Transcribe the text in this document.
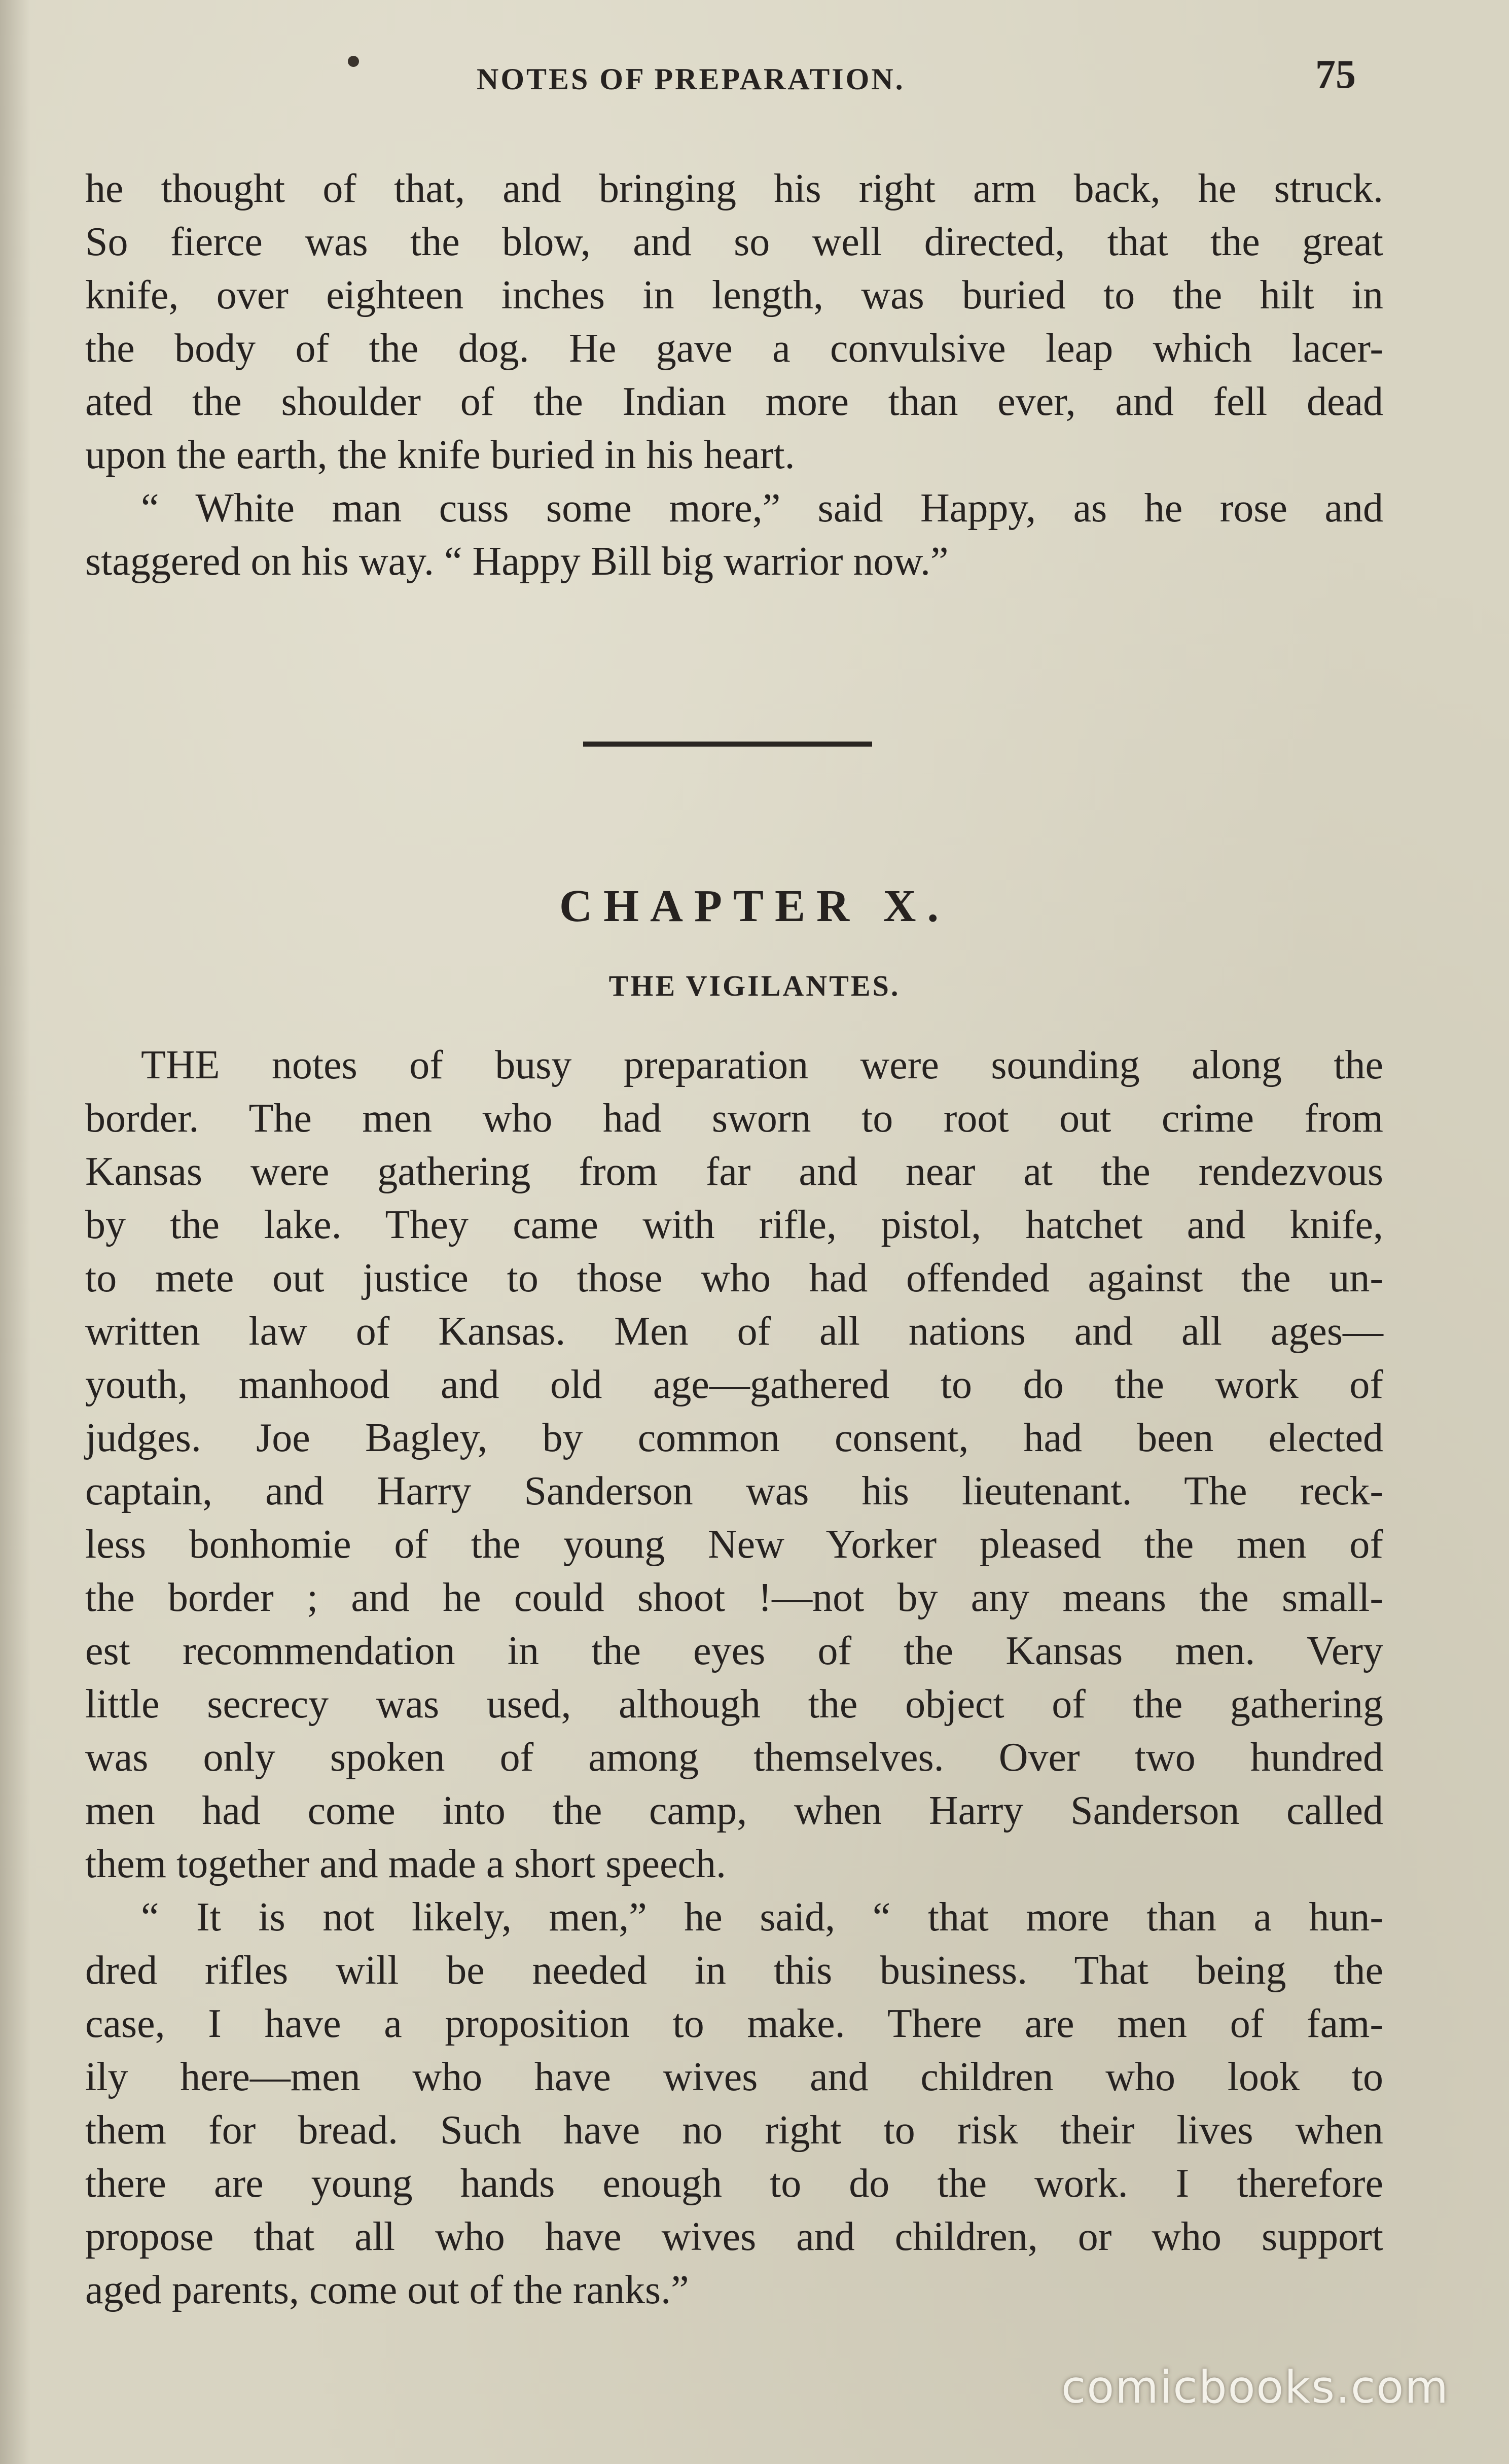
NOTES OF PREPARATION.	75
he thought of that, and bringing his right arm back, he struck.
So fierce was the blow, and so well directed, that the great
knife, over eighteen inches in length, was buried to the hilt in
the body of the dog. He gave a convulsive leap which lacer-
ated the shoulder of the Indian more than ever, and fell dead
upon the earth, the knife buried in his heart.
“ White man cuss some more,” said Happy, as he rose and
staggered on his way. “ Happy Bill big warrior now.”
CHAPTER X.
THE VIGILANTES.
THE notes of busy preparation were sounding along the
border. The men who had sworn to root out crime from
Kansas were gathering from far and near at the rendezvous
by the lake. They came with rifle, pistol, hatchet and knife,
to mete out justice to those who had offended against the un-
written law of Kansas. Men of all nations and all ages—
youth, manhood and old age—gathered to do the work of
judges. Joe Bagley, by common consent, had been elected
captain, and Harry Sanderson was his lieutenant. The reck-
less bonhomie of the young New Yorker pleased the men of
the border ; and he could shoot !—not by any means the small-
est recommendation in the eyes of the Kansas men. Very
little secrecy was used, although the object of the gathering
was only spoken of among themselves. Over two hundred
men had come into the camp, when Harry Sanderson called
them together and made a short speech.
“ It is not likely, men,” he said, “ that more than a hun-
dred rifles will be needed in this business. That being the
case, I have a proposition to make. There are men of fam-
ily here—men who have wives and children who look to
them for bread. Such have no right to risk their lives when
there are young hands enough to do the work. I therefore
propose that all who have wives and children, or who support
aged parents, come out of the ranks.”
comicbooks.com
